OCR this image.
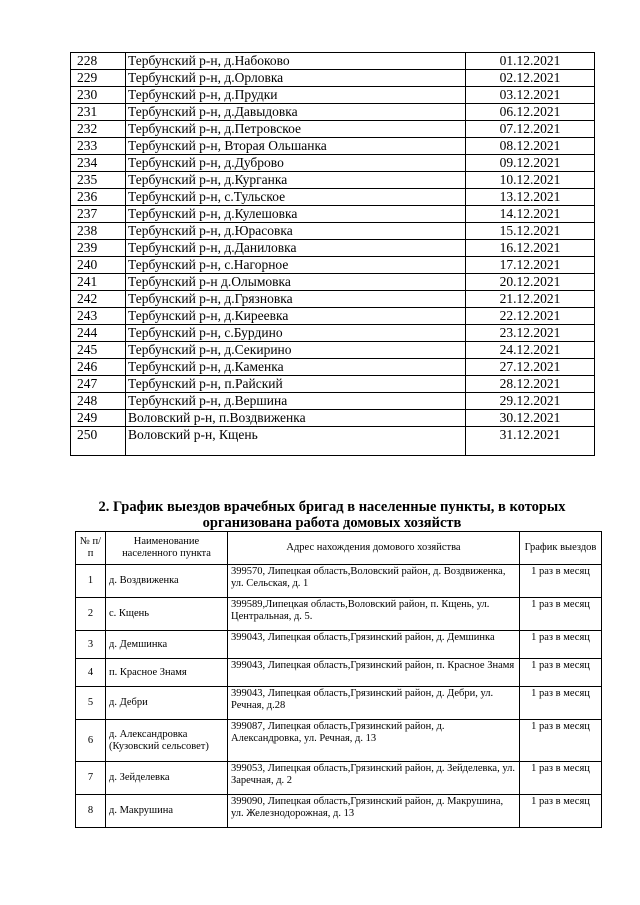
228	Тербунский р-н, д.Набоково	01.12.2021
229	Тербунский р-н, д.Орловка	02.12.2021
230	Тербунский р-н, д.Прудки	03.12.2021
231	Тербунский р-н, д.Давыдовка	06.12.2021
232	Тербунский р-н, д.Петровское	07.12.2021
233	Тербунский р-н, Вторая Ольшанка	08.12.2021
234	Тербунский р-н, д.Дуброво	09.12.2021
235	Тербунский р-н, д.Курганка	10.12.2021
236	Тербунский р-н, с.Тульское	13.12.2021
237	Тербунский р-н, д.Кулешовка	14.12.2021
238	Тербунский р-н, д.Юрасовка	15.12.2021
239	Тербунский р-н, д.Даниловка	16.12.2021
240	Тербунский р-н, с.Нагорное	17.12.2021
241	Тербунский р-н д.Олымовка	20.12.2021
242	Тербунский р-н, д.Грязновка	21.12.2021
243	Тербунский р-н, д.Киреевка	22.12.2021
244	Тербунский р-н, с.Бурдино	23.12.2021
245	Тербунский р-н, д.Секирино	24.12.2021
246	Тербунский р-н, д.Каменка	27.12.2021
247	Тербунский р-н, п.Райский	28.12.2021
248	Тербунский р-н, д.Вершина	29.12.2021
249	Воловский р-н, п.Воздвиженка	30.12.2021
250	Воловский р-н, Кщень	31.12.2021
2. График выездов врачебных бригад в населенные пункты, в которых
организована работа домовых хозяйств
№ п/п	Наименование населенного пункта	Адрес нахождения домового хозяйства	График выездов
1	д. Воздвиженка	399570, Липецкая область,Воловский район, д. Воздвиженка, ул. Сельская, д. 1	1 раз в месяц
2	с. Кщень	399589,Липецкая область,Воловский район, п. Кщень, ул. Центральная, д. 5.	1 раз в месяц
3	д. Демшинка	399043, Липецкая область,Грязинский район, д. Демшинка	1 раз в месяц
4	п. Красное Знамя	399043, Липецкая область,Грязинский район, п. Красное Знамя	1 раз в месяц
5	д. Дебри	399043, Липецкая область,Грязинский район, д. Дебри, ул. Речная, д.28	1 раз в месяц
6	д. Александровка (Кузовский сельсовет)	399087, Липецкая область,Грязинский район, д. Александровка, ул. Речная, д. 13	1 раз в месяц
7	д. Зейделевка	399053, Липецкая область,Грязинский район, д. Зейделевка, ул. Заречная, д. 2	1 раз в месяц
8	д. Макрушина	399090, Липецкая область,Грязинский район, д. Макрушина, ул. Железнодорожная, д. 13	1 раз в месяц
